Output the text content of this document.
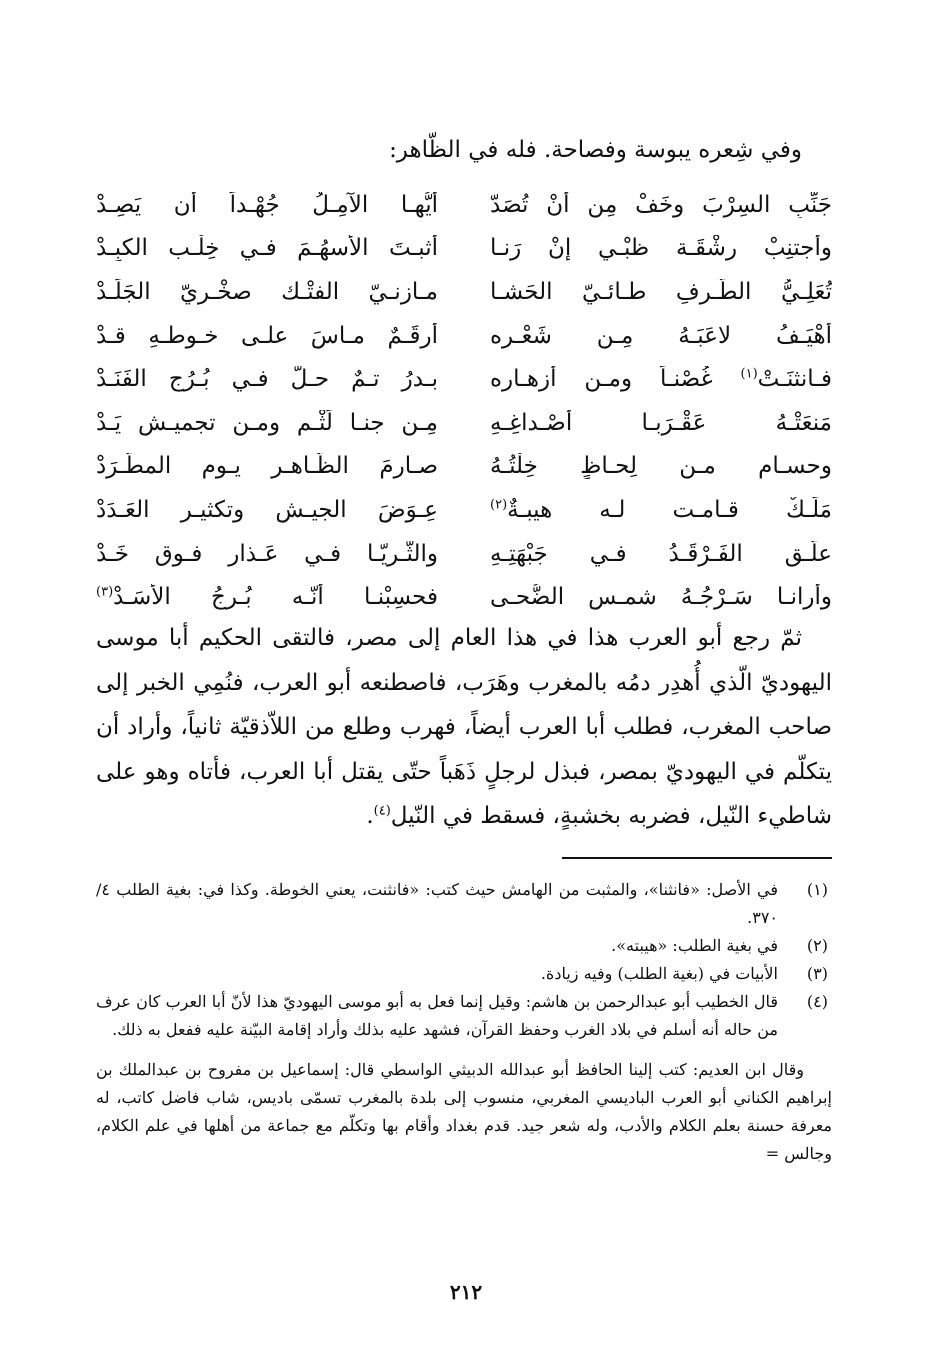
وفي شِعره يبوسة وفصاحة. فله في الظّاهر:
جَنِّبِ السِرْبَ وخَفْ مِن أنْ تُصَدّ
أيُّهـا الآمِـلُ جُهْـداً أن يَصِـدْ
وأجتنِبْ رشْقَـة ظبْـيٍ إنْ رَنـا
أثبـتَ الأسهُـمَ فـي خِلْـب الكبِـدْ
تُعَلِـيُّ الطّـرفِ طـائـيّ الحَشـا
مـازنـيّ الفتْـك صخْـريّ الجَلَـدْ
أهْيَـفُ لاعَبَـهُ مِـن شَعْـره
أرقَـمٌ مـاسَ علـى خـوطـهِ قـدْ
فـانثنَـتْ$^{(١)}$ غُصْنـاً ومـن أزهـاره
بـدرُ تـمٌ حـلّ فـي بُـرُجِ الفَنَـدْ
مَنعَتْـهُ عَقْـرَبـا أَصْـداغِـهِ
مِـن جنـا لَثْـمٍ ومـن تجميـش يَـدْ
وحسـام مـن لِحـاظٍ خِلْتُـهُ
صـارمَ الظّـاهـرِ يـوم المطّـرَدْ
مَلَـكٌ قـامـت لـه هيبـةٌ$^{(٢)}$
عِـوَضَ الجيـش وتكثيـر العَـدَدْ
علّـق الفَـرْقَـدُ فـي جَبْهَتِـهِ
والثُّـريّـا فـي عَـذارٍ فـوق خَـدْ
وأرانـا سَـرْجُـهُ شمـس الضُّحـى
فحسِبْنـا أنّـه بُـرجُ الأسَـدْ$^{(٣)}$

ثمّ رجع أبو العرب هذا في هذا العام إلى مصر، فالتقى الحكيم أبا موسى اليهوديّ الّذي أُهدِر دمُه بالمغرب وهَرَب، فاصطنعه أبو العرب، فنُمِي الخبر إلى صاحب المغرب، فطلب أبا العرب أيضاً، فهرب وطلع من اللاّذقيّة ثانياً، وأراد أن يتكلّم في اليهوديّ بمصر، فبذل لرجلٍ ذَهَباً حتّى يقتل أبا العرب، فأتاه وهو على شاطيء النّيل، فضربه بخشبةٍ، فسقط في النّيل$^{(٤)}$.

(١)
في الأصل: «فانثنا»، والمثبت من الهامش حيث كتب: «فانثنت، يعني الخوطة. وكذا في: بغية الطلب ٤/ ٣٧٠.
(٢)
في بغية الطلب: «هيبته».
(٣)
الأبيات في (بغية الطلب) وفيه زيادة.
(٤)
قال الخطيب أبو عبدالرحمن بن هاشم: وقيل إنما فعل به أبو موسى اليهوديّ هذا لأنّ أبا العرب كان عرف من حاله أنه أسلم في بلاد الغرب وحفظ القرآن، فشهد عليه بذلك وأراد إقامة البيّنة عليه ففعل به ذلك.
وقال ابن العديم: كتب إلينا الحافظ أبو عبدالله الدبيثي الواسطي قال: إسماعيل بن مفروح بن عبدالملك بن إبراهيم الكناني أبو العرب الباديسي المغربي، منسوب إلى بلدة بالمغرب تسمّى باديس، شاب فاضل كاتب، له معرفة حسنة بعلم الكلام والأدب، وله شعر جيد. قدم بغداد وأقام بها وتكلّم مع جماعة من أهلها في علم الكلام، وجالس =
٢١٢
